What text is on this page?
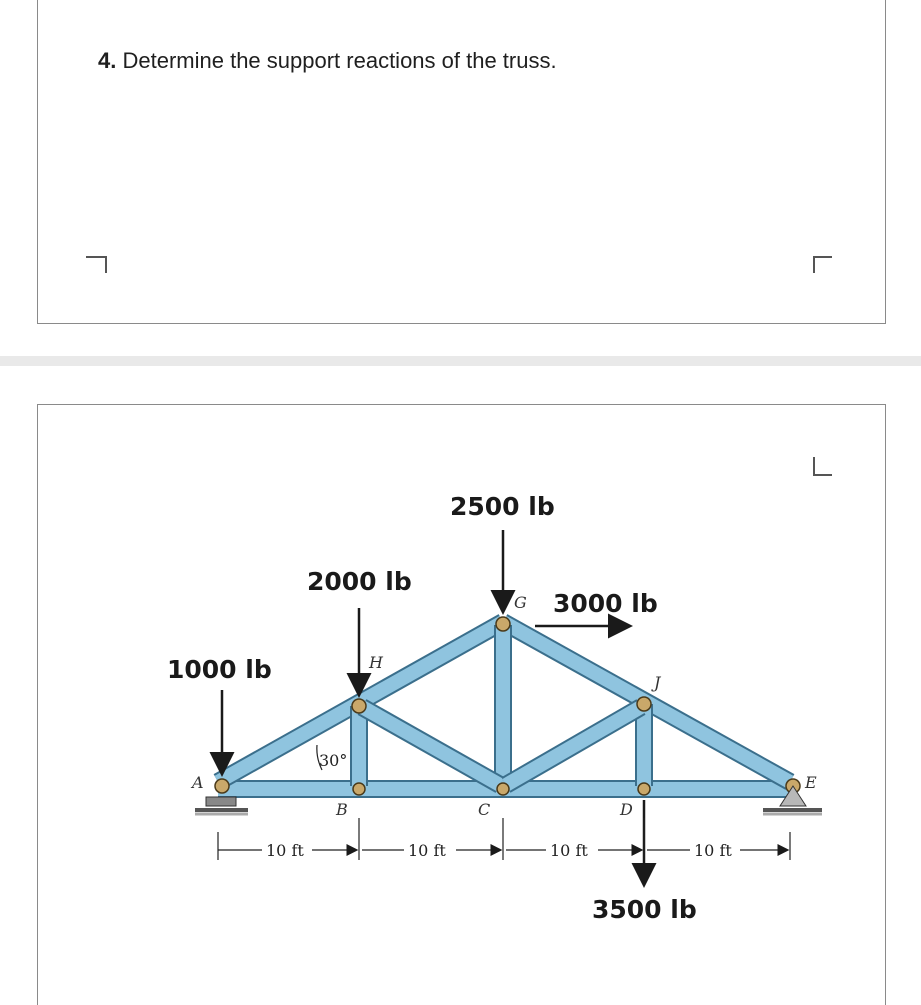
4. Determine the support reactions of the truss.
1000 lb
2000 lb
2500 lb
3000 lb
3500 lb
A
B	C	D
E
G
H
J
30°
10 ft	10 ft	10 ft	10 ft
